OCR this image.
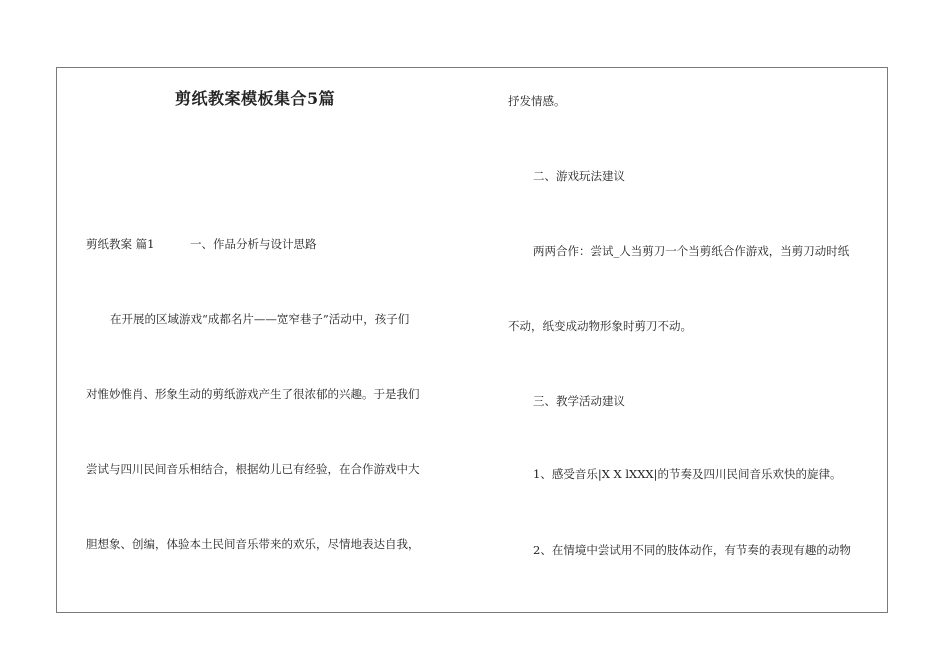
剪纸教案模板集合5篇
剪纸教案 篇1	一、作品分析与设计思路
在开展的区域游戏“成都名片——宽窄巷子”活动中，孩子们
对惟妙惟肖、形象生动的剪纸游戏产生了很浓郁的兴趣。于是我们
尝试与四川民间音乐相结合，根据幼儿已有经验，在合作游戏中大
胆想象、创编，体验本土民间音乐带来的欢乐，尽情地表达自我，
抒发情感。
二、游戏玩法建议
两两合作：尝试_人当剪刀一个当剪纸合作游戏，当剪刀动时纸
不动，纸变成动物形象时剪刀不动。
三、教学活动建议
1、感受音乐|X X lXXX|的节奏及四川民间音乐欢快的旋律。
2、在情境中尝试用不同的肢体动作，有节奏的表现有趣的动物
